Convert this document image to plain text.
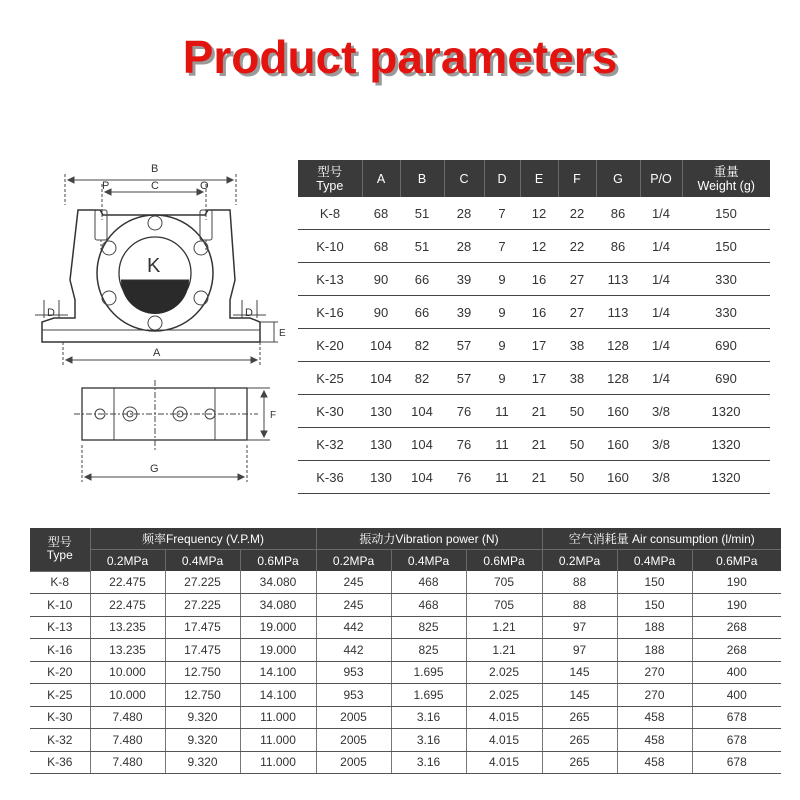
Product parameters
B
P	C	O
K
D	D
E
A
F
G
型号
Type	A	B	C	D	E	F	G	P/O	重量
Weight (g)

K-8	68	51	28	7	12	22	86	1/4	150
K-10	68	51	28	7	12	22	86	1/4	150
K-13	90	66	39	9	16	27	113	1/4	330
K-16	90	66	39	9	16	27	113	1/4	330
K-20	104	82	57	9	17	38	128	1/4	690
K-25	104	82	57	9	17	38	128	1/4	690
K-30	130	104	76	11	21	50	160	3/8	1320
K-32	130	104	76	11	21	50	160	3/8	1320
K-36	130	104	76	11	21	50	160	3/8	1320
型号
Type	频率Frequency (V.P.M)			振动力Vibration power (N)			空气消耗量 Air consumption (l/min)		
	0.2MPa	0.4MPa	0.6MPa	0.2MPa	0.4MPa	0.6MPa	0.2MPa	0.4MPa	0.6MPa
K-8	22.475	27.225	34.080	245	468	705	88	150	190
K-10	22.475	27.225	34.080	245	468	705	88	150	190
K-13	13.235	17.475	19.000	442	825	1.21	97	188	268
K-16	13.235	17.475	19.000	442	825	1.21	97	188	268
K-20	10.000	12.750	14.100	953	1.695	2.025	145	270	400
K-25	10.000	12.750	14.100	953	1.695	2.025	145	270	400
K-30	7.480	9.320	11.000	2005	3.16	4.015	265	458	678
K-32	7.480	9.320	11.000	2005	3.16	4.015	265	458	678
K-36	7.480	9.320	11.000	2005	3.16	4.015	265	458	678
